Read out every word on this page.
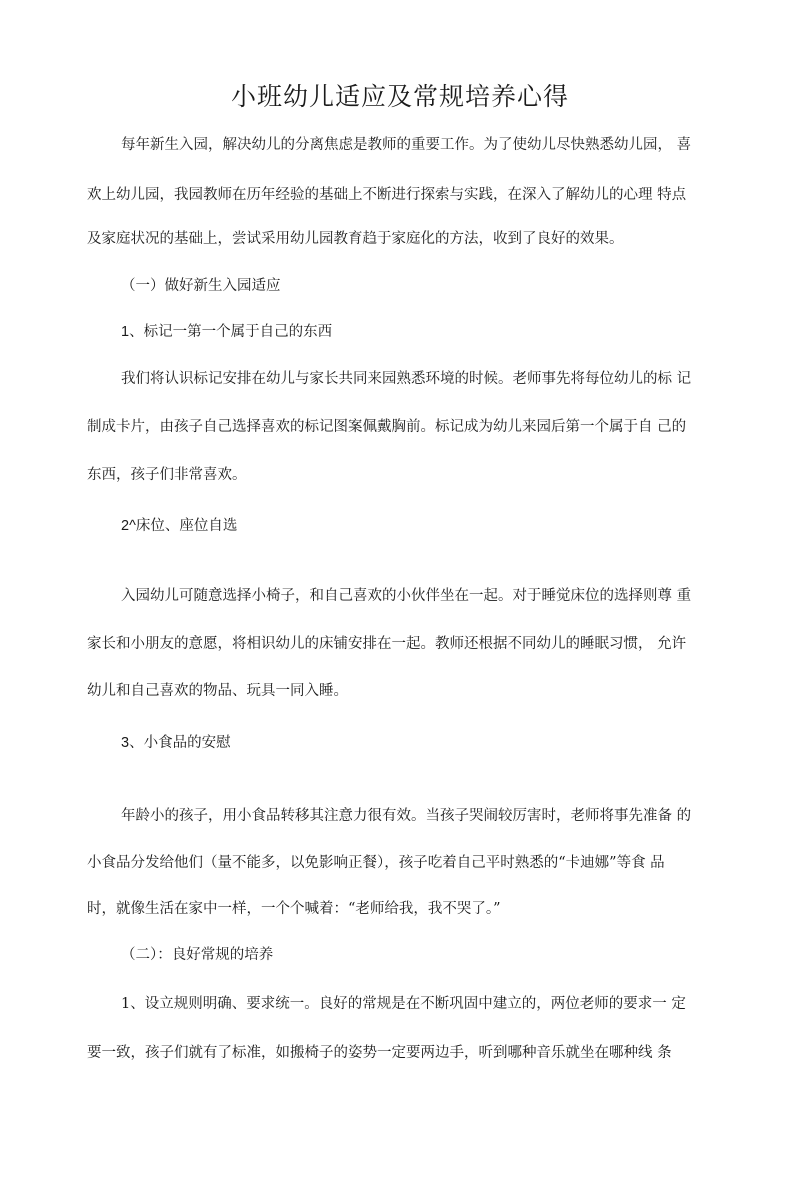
小班幼儿适应及常规培养心得
每年新生入园，解决幼儿的分离焦虑是教师的重要工作。为了使幼儿尽快熟悉幼儿园， 喜
欢上幼儿园，我园教师在历年经验的基础上不断进行探索与实践，在深入了解幼儿的心理 特点
及家庭状况的基础上，尝试采用幼儿园教育趋于家庭化的方法，收到了良好的效果。
（一）做好新生入园适应
1、标记一第一个属于自己的东西
我们将认识标记安排在幼儿与家长共同来园熟悉环境的时候。老师事先将每位幼儿的标 记
制成卡片，由孩子自己选择喜欢的标记图案佩戴胸前。标记成为幼儿来园后第一个属于自 己的
东西，孩子们非常喜欢。
2^床位、座位自选
入园幼儿可随意选择小椅子，和自己喜欢的小伙伴坐在一起。对于睡觉床位的选择则尊 重
家长和小朋友的意愿，将相识幼儿的床铺安排在一起。教师还根据不同幼儿的睡眠习惯， 允许
幼儿和自己喜欢的物品、玩具一同入睡。
3、小食品的安慰
年龄小的孩子，用小食品转移其注意力很有效。当孩子哭闹较厉害时，老师将事先准备 的
小食品分发给他们（量不能多，以免影响正餐），孩子吃着自己平时熟悉的“卡迪娜”等食 品
时，就像生活在家中一样，一个个喊着：“老师给我，我不哭了。”
（二）：良好常规的培养
1、设立规则明确、要求统一。良好的常规是在不断巩固中建立的，两位老师的要求一 定
要一致，孩子们就有了标准，如搬椅子的姿势一定要两边手，听到哪种音乐就坐在哪种线 条
